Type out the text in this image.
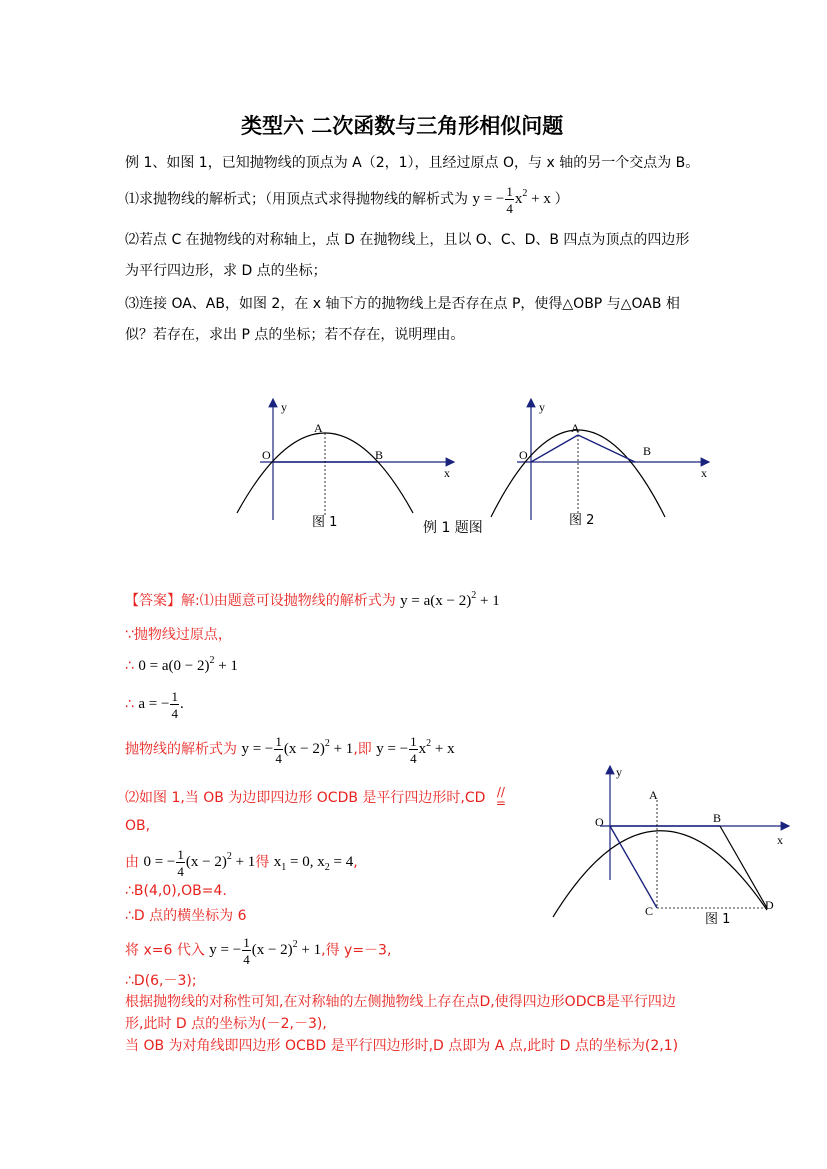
类型六 二次函数与三角形相似问题
例 1、如图 1，已知抛物线的顶点为 A（2，1），且经过原点 O，与 x 轴的另一个交点为 B。
⑴求抛物线的解析式；（用顶点式求得抛物线的解析式为 y = − $\frac{1}{4} x^2 + x$ ）
⑵若点 C 在抛物线的对称轴上，点 D 在抛物线上，且以 O、C、D、B 四点为顶点的四边形
为平行四边形，求 D 点的坐标；
⑶连接 OA、AB，如图 2，在 x 轴下方的抛物线上是否存在点 P，使得△OBP 与△OAB 相
似？若存在，求出 P 点的坐标；若不存在，说明理由。
A
O	B
x
y
图 1	例 1 题图
A
O	B
x
y
图 2
【答案】解:⑴由题意可设抛物线的解析式为 $y = a(x - 2)^2 + 1$
∵抛物线过原点，
∴ $0 = a(0 - 2)^2 + 1$
∴ a = − $\frac{1}{4}$ .
抛物线的解析式为 y = − $\frac{1}{4} (x - 2)^2 + 1$,即 y = − $\frac{1}{4} x^2 + x$
⑵如图 1,当 OB 为边即四边形 OCDB 是平行四边形时,CD //
=
OB,
由 0 = − $\frac{1}{4} (x - 2)^2 + 1$得 $x_1 = 0$, $x_2 = 4$,
∴B(4,0),OB=4.
∴D 点的横坐标为 6
将 x=6 代入 y = − $\frac{1}{4} (x - 2)^2 + 1$,得 y=－3,
∴D(6,－3);
根据抛物线的对称性可知,在对称轴的左侧抛物线上存在点D,使得四边形ODCB是平行四边
形,此时 D 点的坐标为(－2,－3),
当 OB 为对角线即四边形 OCBD 是平行四边形时,D 点即为 A 点,此时 D 点的坐标为(2,1)
A
O	B
x
y
C	D
图 1
